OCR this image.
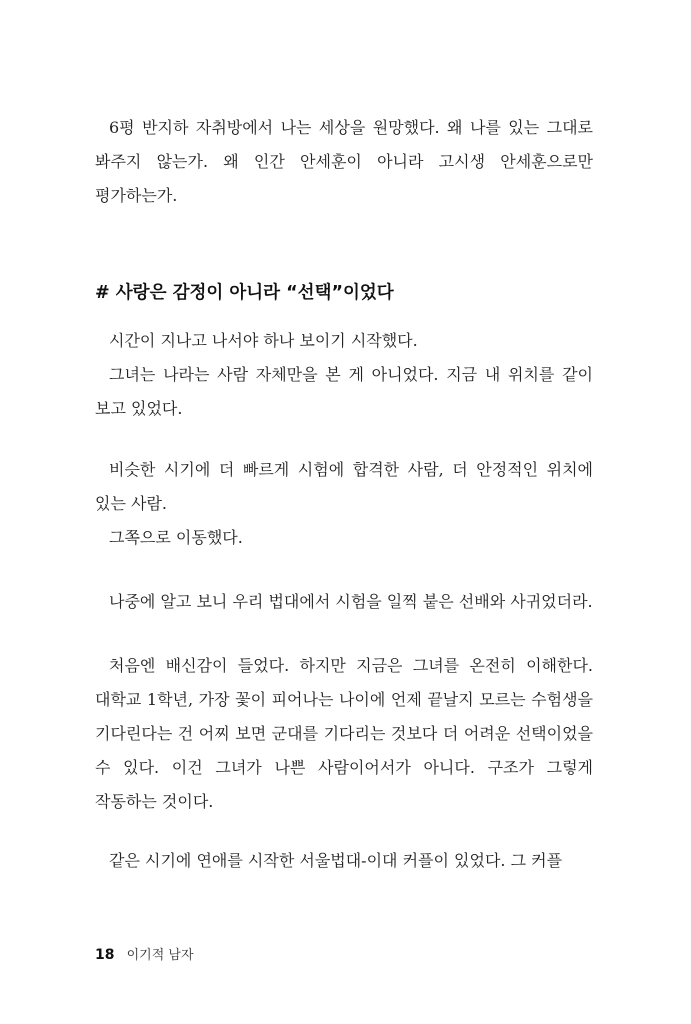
6평 반지하 자취방에서 나는 세상을 원망했다. 왜 나를 있는 그대로 봐주지 않는가. 왜 인간 안세훈이 아니라 고시생 안세훈으로만 평가하는가.

# 사랑은 감정이 아니라 “선택”이었다

시간이 지나고 나서야 하나 보이기 시작했다.

그녀는 나라는 사람 자체만을 본 게 아니었다. 지금 내 위치를 같이 보고 있었다.

비슷한 시기에 더 빠르게 시험에 합격한 사람, 더 안정적인 위치에 있는 사람.

그쪽으로 이동했다.

나중에 알고 보니 우리 법대에서 시험을 일찍 붙은 선배와 사귀었더라.

처음엔 배신감이 들었다. 하지만 지금은 그녀를 온전히 이해한다. 대학교 1학년, 가장 꽃이 피어나는 나이에 언제 끝날지 모르는 수험생을 기다린다는 건 어찌 보면 군대를 기다리는 것보다 더 어려운 선택이었을 수 있다. 이건 그녀가 나쁜 사람이어서가 아니다. 구조가 그렇게 작동하는 것이다.

같은 시기에 연애를 시작한 서울법대-이대 커플이 있었다. 그 커플

18 이기적 남자
